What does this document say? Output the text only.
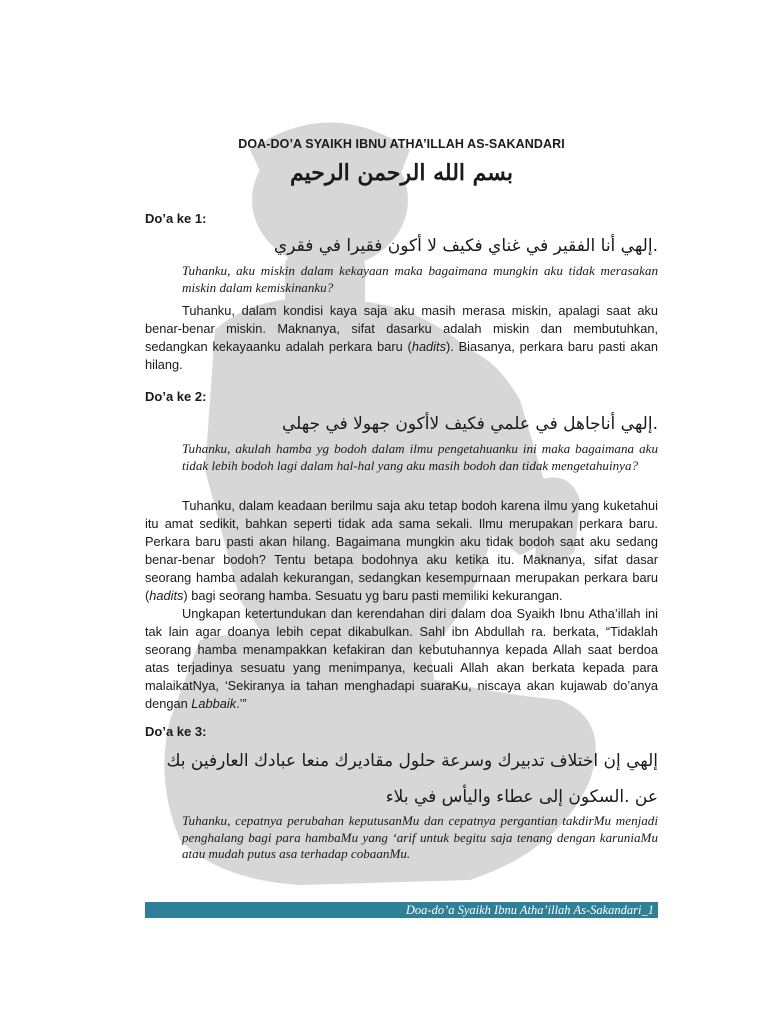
DOA-DO’A SYAIKH IBNU ATHA’ILLAH AS-SAKANDARI
بسم الله الرحمن الرحيم
Do’a ke 1:
.إلهي أنا الفقير في غناي فكيف لا أكون فقيرا في فقري
Tuhanku, aku miskin dalam kekayaan maka bagaimana mungkin aku tidak merasakan miskin dalam kemiskinanku?

Tuhanku, dalam kondisi kaya saja aku masih merasa miskin, apalagi saat aku benar-benar miskin. Maknanya, sifat dasarku adalah miskin dan membutuhkan, sedangkan kekayaanku adalah perkara baru (hadits). Biasanya, perkara baru pasti akan hilang.

Do’a ke 2:
.إلهي أناجاهل في علمي فكيف لاأكون جهولا في جهلي
Tuhanku, akulah hamba yg bodoh dalam ilmu pengetahuanku ini maka bagaimana aku tidak lebih bodoh lagi dalam hal-hal yang aku masih bodoh dan tidak mengetahuinya?

Tuhanku, dalam keadaan berilmu saja aku tetap bodoh karena ilmu yang kuketahui itu amat sedikit, bahkan seperti tidak ada sama sekali. Ilmu merupakan perkara baru. Perkara baru pasti akan hilang. Bagaimana mungkin aku tidak bodoh saat aku sedang benar-benar bodoh? Tentu betapa bodohnya aku ketika itu. Maknanya, sifat dasar seorang hamba adalah kekurangan, sedangkan kesempurnaan merupakan perkara baru (hadits) bagi seorang hamba. Sesuatu yg baru pasti memiliki kekurangan.

Ungkapan ketertundukan dan kerendahan diri dalam doa Syaikh Ibnu Atha’illah ini tak lain agar doanya lebih cepat dikabulkan. Sahl ibn Abdullah ra. berkata, “Tidaklah seorang hamba menampakkan kefakiran dan kebutuhannya kepada Allah saat berdoa atas terjadinya sesuatu yang menimpanya, kecuali Allah akan berkata kepada para malaikatNya, ‘Sekiranya ia tahan menghadapi suaraKu, niscaya akan kujawab do’anya dengan Labbaik.’”

Do’a ke 3:
إلهي إن اختلاف تدبيرك وسرعة حلول مقاديرك منعا عبادك العارفين بك عن .السكون إلى عطاء واليأس في بلاء
Tuhanku, cepatnya perubahan keputusanMu dan cepatnya pergantian takdirMu menjadi penghalang bagi para hambaMu yang ‘arif untuk begitu saja tenang dengan karuniaMu atau mudah putus asa terhadap cobaanMu.
Doa-do’a Syaikh Ibnu Atha’illah As-Sakandari_1
